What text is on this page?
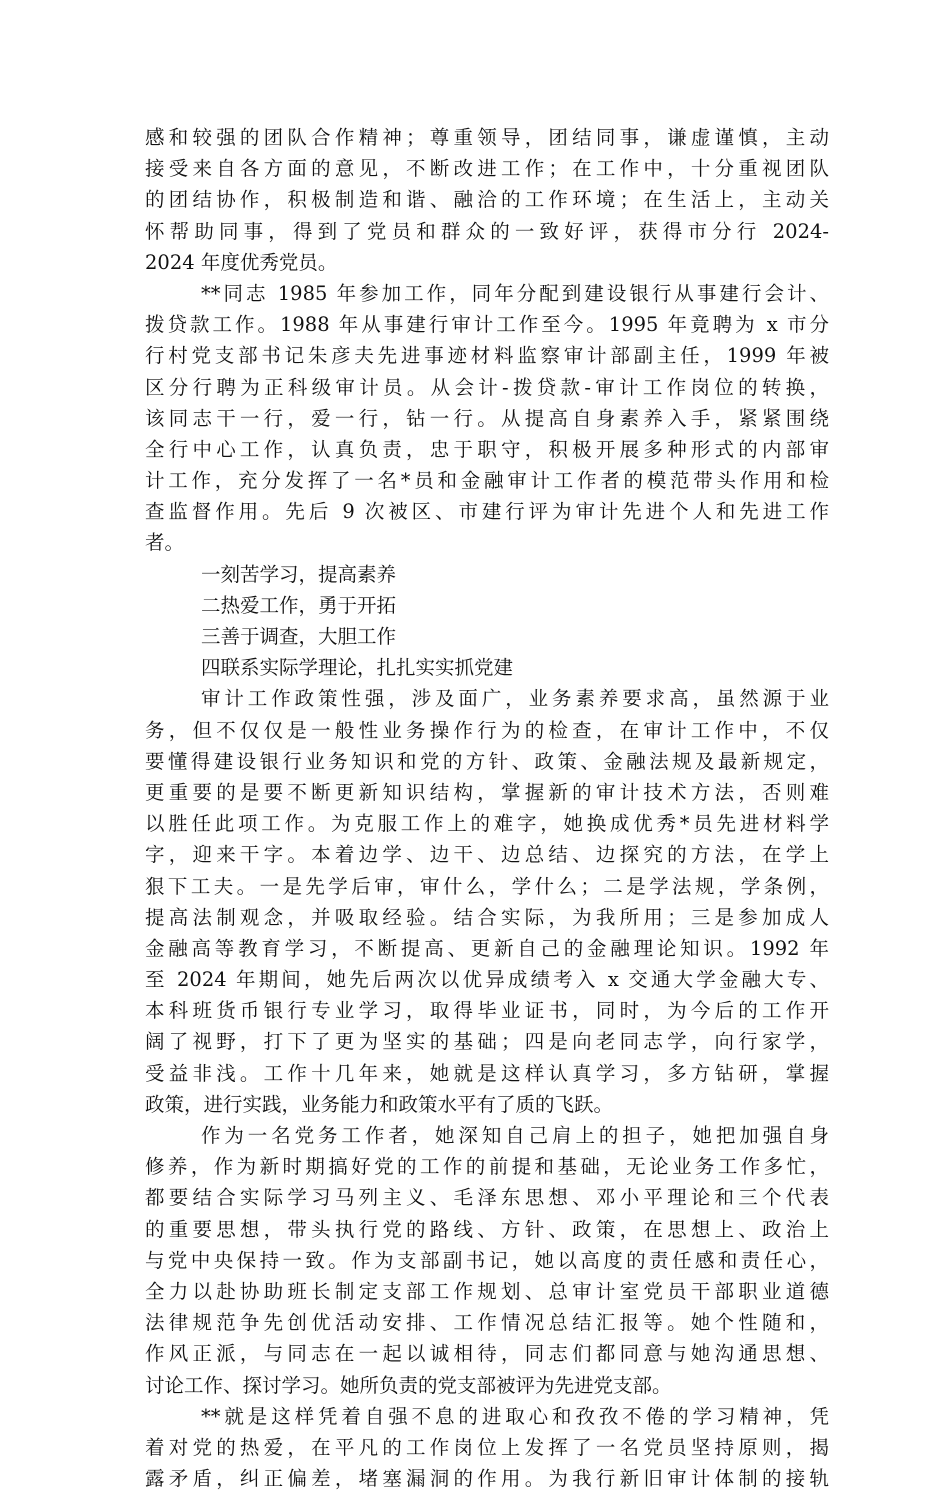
感和较强的团队合作精神；尊重领导，团结同事，谦虚谨慎，主动
接受来自各方面的意见，不断改进工作；在工作中，十分重视团队
的团结协作，积极制造和谐、融洽的工作环境；在生活上，主动关
怀帮助同事，得到了党员和群众的一致好评，获得市分行 2024-
2024 年度优秀党员。
**同志 1985 年参加工作，同年分配到建设银行从事建行会计、
拨贷款工作。1988 年从事建行审计工作至今。1995 年竟聘为 x 市分
行村党支部书记朱彦夫先进事迹材料监察审计部副主任，1999 年被
区分行聘为正科级审计员。从会计-拨贷款-审计工作岗位的转换，
该同志干一行，爱一行，钻一行。从提高自身素养入手，紧紧围绕
全行中心工作，认真负责，忠于职守，积极开展多种形式的内部审
计工作，充分发挥了一名*员和金融审计工作者的模范带头作用和检
查监督作用。先后 9 次被区、市建行评为审计先进个人和先进工作
者。
一刻苦学习，提高素养
二热爱工作，勇于开拓
三善于调查，大胆工作
四联系实际学理论，扎扎实实抓党建
审计工作政策性强，涉及面广，业务素养要求高，虽然源于业
务，但不仅仅是一般性业务操作行为的检查，在审计工作中，不仅
要懂得建设银行业务知识和党的方针、政策、金融法规及最新规定，
更重要的是要不断更新知识结构，掌握新的审计技术方法，否则难
以胜任此项工作。为克服工作上的难字，她换成优秀*员先进材料学
字，迎来干字。本着边学、边干、边总结、边探究的方法，在学上
狠下工夫。一是先学后审，审什么，学什么；二是学法规，学条例，
提高法制观念，并吸取经验。结合实际，为我所用；三是参加成人
金融高等教育学习，不断提高、更新自己的金融理论知识。1992 年
至 2024 年期间，她先后两次以优异成绩考入 x 交通大学金融大专、
本科班货币银行专业学习，取得毕业证书，同时，为今后的工作开
阔了视野，打下了更为坚实的基础；四是向老同志学，向行家学，
受益非浅。工作十几年来，她就是这样认真学习，多方钻研，掌握
政策，进行实践，业务能力和政策水平有了质的飞跃。
作为一名党务工作者，她深知自己肩上的担子，她把加强自身
修养，作为新时期搞好党的工作的前提和基础，无论业务工作多忙，
都要结合实际学习马列主义、毛泽东思想、邓小平理论和三个代表
的重要思想，带头执行党的路线、方针、政策，在思想上、政治上
与党中央保持一致。作为支部副书记，她以高度的责任感和责任心，
全力以赴协助班长制定支部工作规划、总审计室党员干部职业道德
法律规范争先创优活动安排、工作情况总结汇报等。她个性随和，
作风正派，与同志在一起以诚相待，同志们都同意与她沟通思想、
讨论工作、探讨学习。她所负责的党支部被评为先进党支部。
**就是这样凭着自强不息的进取心和孜孜不倦的学习精神，凭
着对党的热爱，在平凡的工作岗位上发挥了一名党员坚持原则，揭
露矛盾，纠正偏差，堵塞漏洞的作用。为我行新旧审计体制的接轨
